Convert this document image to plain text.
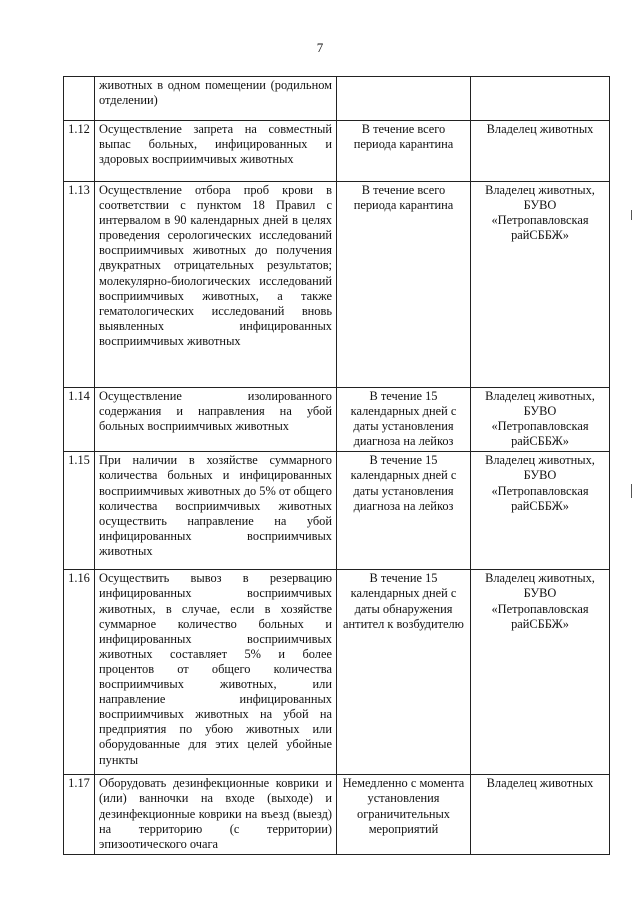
7
	животных в одном помещении (родильном отделении)		
1.12	Осуществление запрета на совместный выпас больных, инфицированных и здоровых восприимчивых животных	В течение всего периода карантина	Владелец животных
1.13	Осуществление отбора проб крови в соответствии с пунктом 18 Правил с интервалом в 90 календарных дней в целях проведения серологических исследований восприимчивых животных до получения двукратных отрицательных результатов; молекулярно-биологических исследований восприимчивых животных, а также гематологических исследований вновь выявленных инфицированных восприимчивых животных	В течение всего периода карантина	Владелец животных, БУВО «Петропавловская райСББЖ»
1.14	Осуществление изолированного содержания и направления на убой больных восприимчивых животных	В течение 15 календарных дней с даты установления диагноза на лейкоз	Владелец животных, БУВО «Петропавловская райСББЖ»
1.15	При наличии в хозяйстве суммарного количества больных и инфицированных восприимчивых животных до 5% от общего количества восприимчивых животных осуществить направление на убой инфицированных восприимчивых животных	В течение 15 календарных дней с даты установления диагноза на лейкоз	Владелец животных, БУВО «Петропавловская райСББЖ»
1.16	Осуществить вывоз в резервацию инфицированных восприимчивых животных, в случае, если в хозяйстве суммарное количество больных и инфицированных восприимчивых животных составляет 5% и более процентов от общего количества восприимчивых животных, или направление инфицированных восприимчивых животных на убой на предприятия по убою животных или оборудованные для этих целей убойные пункты	В течение 15 календарных дней с даты обнаружения антител к возбудителю	Владелец животных, БУВО «Петропавловская райСББЖ»
1.17	Оборудовать дезинфекционные коврики и (или) ванночки на входе (выходе) и дезинфекционные коврики на въезд (выезд) на территорию (с территории) эпизоотического очага	Немедленно с момента установления ограничительных мероприятий	Владелец животных
